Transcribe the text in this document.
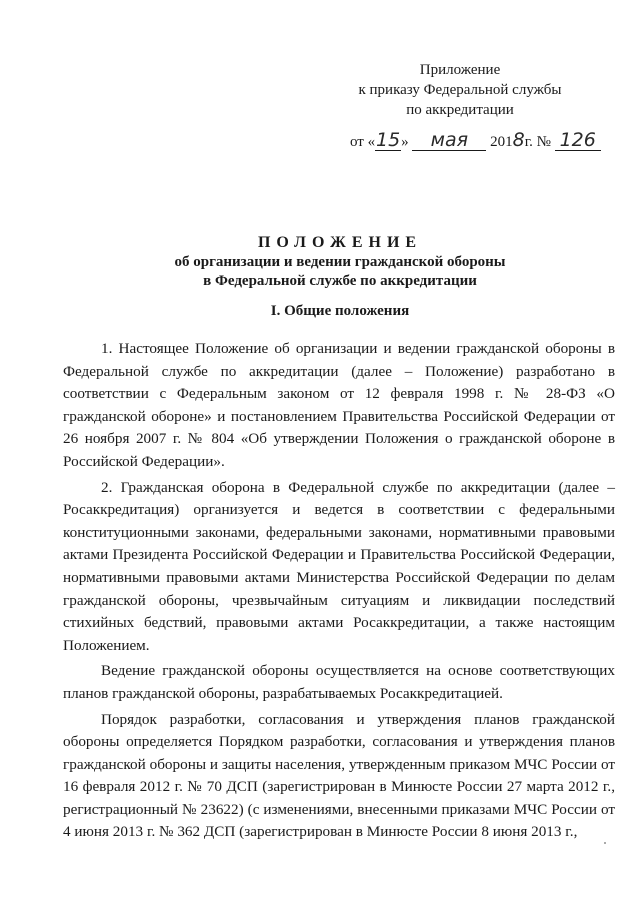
Приложение
к приказу Федеральной службы
по аккредитации
от «15» мая 2018г. № 126
ПОЛОЖЕНИЕ
об организации и ведении гражданской обороны
в Федеральной службе по аккредитации
I. Общие положения

1. Настоящее Положение об организации и ведении гражданской обороны в Федеральной службе по аккредитации (далее – Положение) разработано в соответствии с Федеральным законом от 12 февраля 1998 г. № 28-ФЗ «О гражданской обороне» и постановлением Правительства Российской Федерации от 26 ноября 2007 г. № 804 «Об утверждении Положения о гражданской обороне в Российской Федерации».

2. Гражданская оборона в Федеральной службе по аккредитации (далее – Росаккредитация) организуется и ведется в соответствии с федеральными конституционными законами, федеральными законами, нормативными правовыми актами Президента Российской Федерации и Правительства Российской Федерации, нормативными правовыми актами Министерства Российской Федерации по делам гражданской обороны, чрезвычайным ситуациям и ликвидации последствий стихийных бедствий, правовыми актами Росаккредитации, а также настоящим Положением.

Ведение гражданской обороны осуществляется на основе соответствующих планов гражданской обороны, разрабатываемых Росаккредитацией.

Порядок разработки, согласования и утверждения планов гражданской обороны определяется Порядком разработки, согласования и утверждения планов гражданской обороны и защиты населения, утвержденным приказом МЧС России от 16 февраля 2012 г. № 70 ДСП (зарегистрирован в Минюсте России 27 марта 2012 г., регистрационный № 23622) (с изменениями, внесенными приказами МЧС России от 4 июня 2013 г. № 362 ДСП (зарегистрирован в Минюсте России 8 июня 2013 г.,
